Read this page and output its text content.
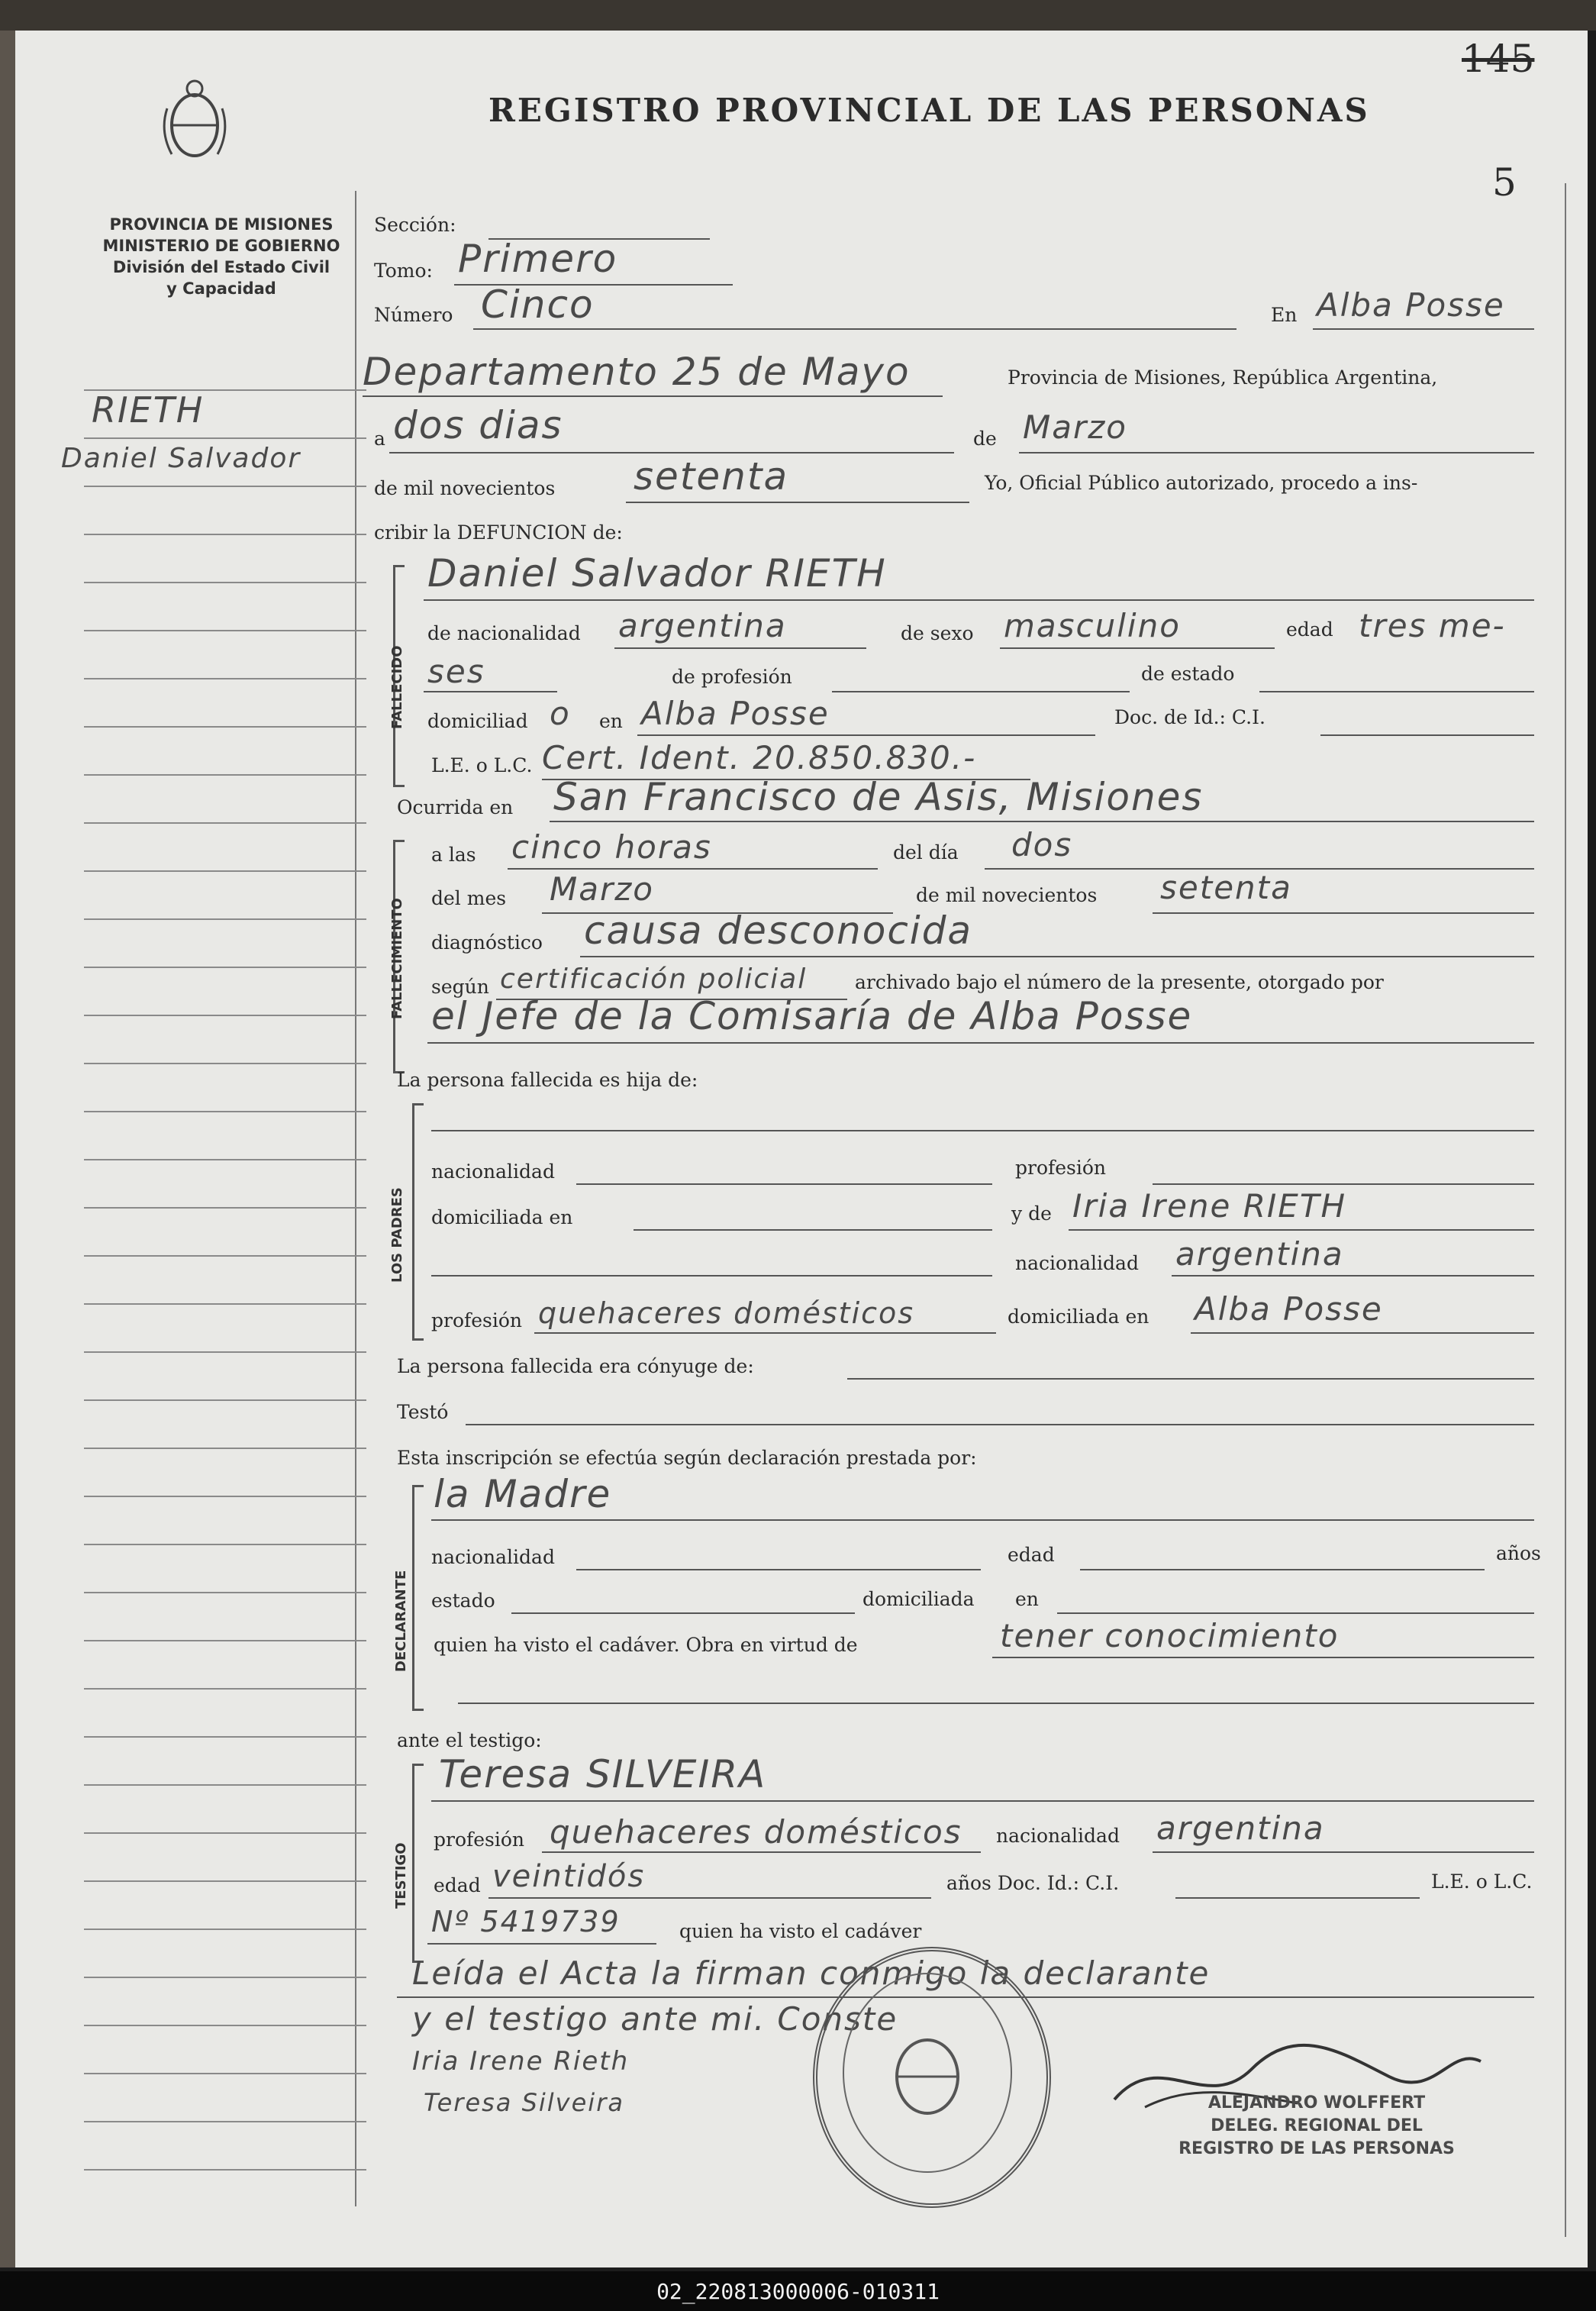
REGISTRO PROVINCIAL DE LAS PERSONAS
145
5
PROVINCIA DE MISIONES
MINISTERIO DE GOBIERNO
División del Estado Civil
y Capacidad
RIETH
Daniel Salvador
Sección:
Tomo: Primero
Número Cinco	En Alba Posse
Departamento 25 de Mayo	Provincia de Misiones, República Argentina,
a dos dias	de Marzo
de mil novecientos setenta	Yo, Oficial Público autorizado, procedo a ins-
cribir la DEFUNCION de:
FALLECIDO
Daniel Salvador RIETH
de nacionalidad argentina	de sexo masculino	edad tres me-
ses	de profesión	de estado
domiciliad o en Alba Posse	Doc. de Id.: C.I.
L.E. o L.C. Cert. Ident. 20.850.830.-
Ocurrida en San Francisco de Asis, Misiones
FALLECIMIENTO
a las cinco horas	del día dos
del mes Marzo	de mil novecientos setenta
diagnóstico causa desconocida
según certificación policial	archivado bajo el número de la presente, otorgado por
el Jefe de la Comisaría de Alba Posse
La persona fallecida es hija de:
LOS PADRES
nacionalidad	profesión
domiciliada en	y de Iria Irene RIETH
nacionalidad argentina
profesión quehaceres domésticos	domiciliada en Alba Posse
La persona fallecida era cónyuge de:
Testó
Esta inscripción se efectúa según declaración prestada por:
DECLARANTE
la Madre
nacionalidad	edad	años
estado	domiciliada en
quien ha visto el cadáver. Obra en virtud de	tener conocimiento
ante el testigo:
TESTIGO
Teresa SILVEIRA
profesión quehaceres domésticos nacionalidad argentina
edad veintidós	años Doc. Id.: C.I.	L.E. o L.C.
Nº 5419739	quien ha visto el cadáver
Leída el Acta la firman conmigo la declarante
y el testigo ante mi. Conste
Iria Irene Rieth
Teresa Silveira	ALEJANDRO WOLFFERT
DELEG. REGIONAL DEL
REGISTRO DE LAS PERSONAS
02_220813000006-010311
